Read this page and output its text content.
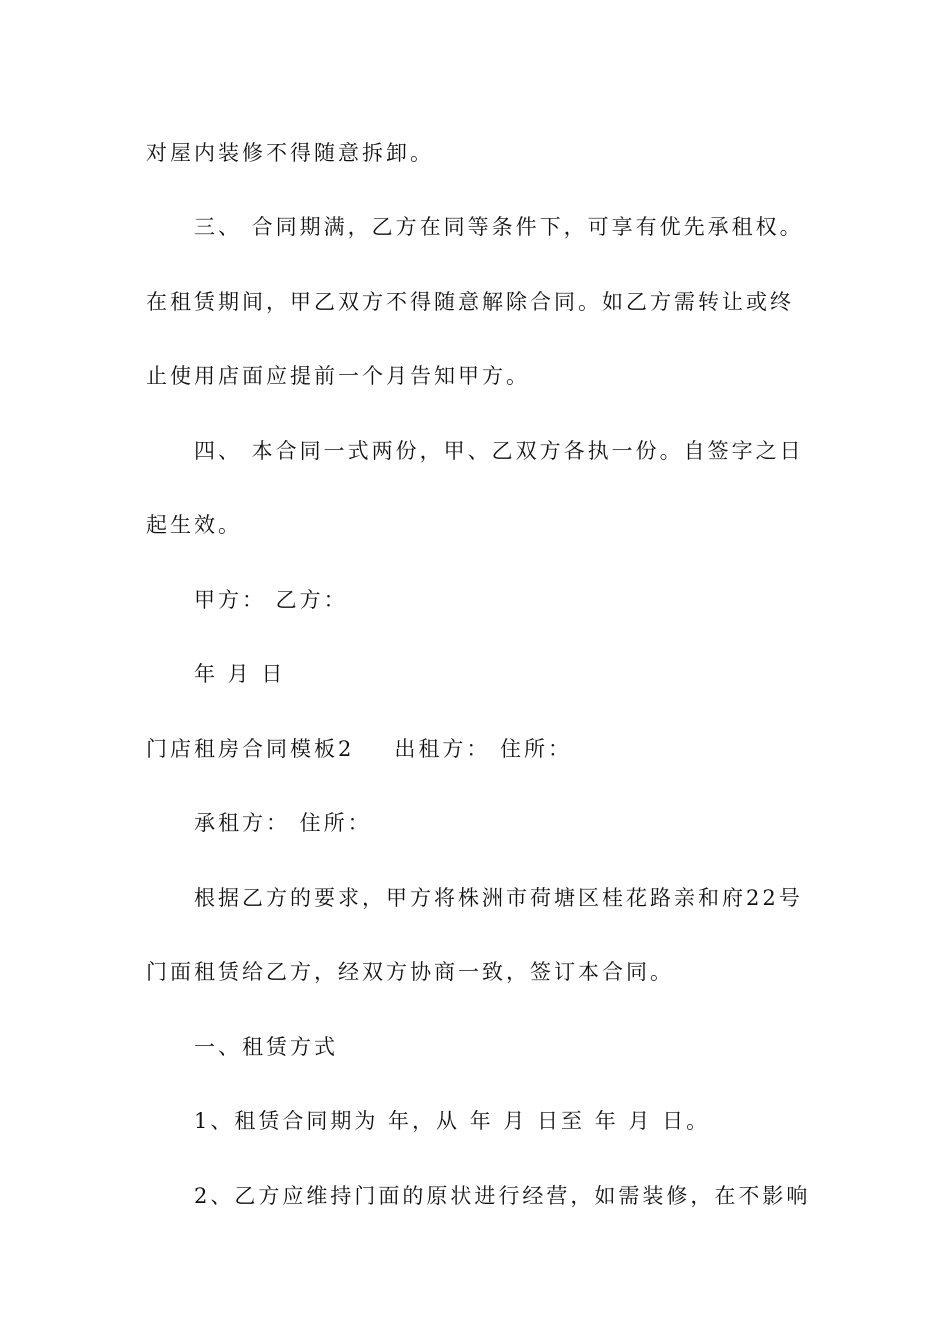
对屋内装修不得随意拆卸。
三、 合同期满，乙方在同等条件下，可享有优先承租权。
在租赁期间，甲乙双方不得随意解除合同。如乙方需转让或终
止使用店面应提前一个月告知甲方。
四、 本合同一式两份，甲、乙双方各执一份。自签字之日
起生效。
甲方： 乙方：
年 月 日
门店租房合同模板2 出租方： 住所：
承租方： 住所：
根据乙方的要求，甲方将株洲市荷塘区桂花路亲和府22号
门面租赁给乙方，经双方协商一致，签订本合同。
一、租赁方式
1、租赁合同期为 年，从 年 月 日至 年 月 日。
2、乙方应维持门面的原状进行经营，如需装修，在不影响
